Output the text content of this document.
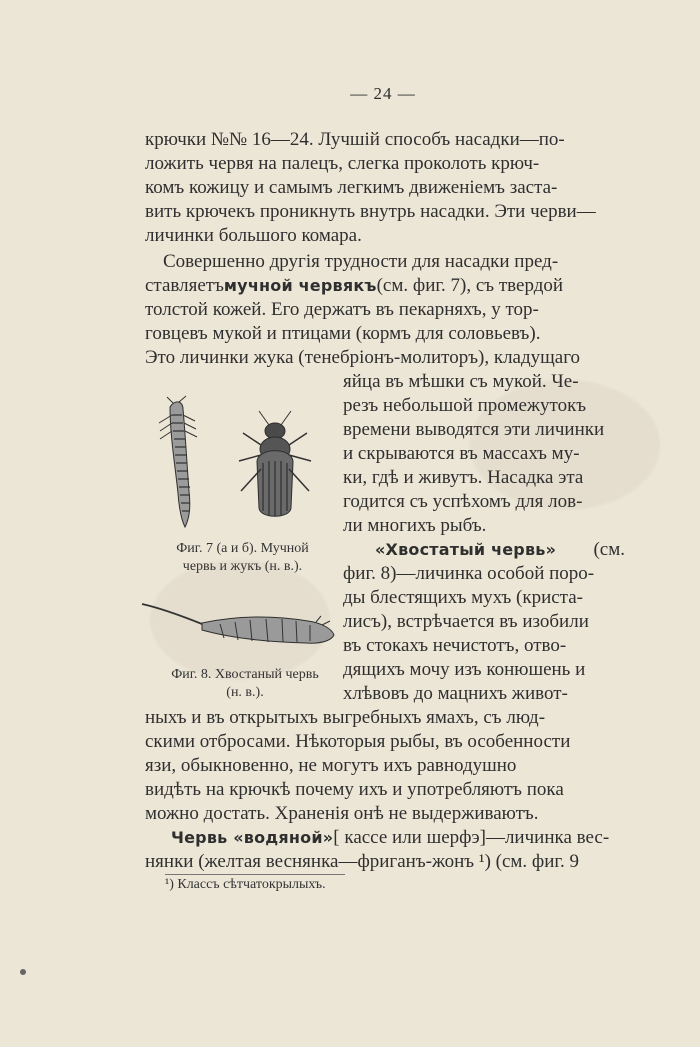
— 24 —
крючки №№ 16—24. Лучшій способъ насадки—по-
ложить червя на палецъ, слегка проколоть крюч-
комъ кожицу и самымъ легкимъ движеніемъ заста-
вить крючекъ проникнуть внутрь насадки. Эти черви—
личинки большого комара.
Совершенно другія трудности для насадки пред-
ставляетъ мучной червякъ (см. фиг. 7), съ твердой
толстой кожей. Его держатъ въ пекарняхъ, у тор-
говцевъ мукой и птицами (кормъ для соловьевъ).
Это личинки жука (тенебріонъ-молиторъ), кладущаго
яйца въ мѣшки съ мукой. Че-
резъ небольшой промежутокъ
времени выводятся эти личинки
и скрываются въ массахъ му-
ки, гдѣ и живутъ. Насадка эта
годится съ успѣхомъ для лов-
ли многихъ рыбъ.
«Хвостатый червь» (см.
фиг. 8)—личинка особой поро-
ды блестящихъ мухъ (криста-
лисъ), встрѣчается въ изобили
въ стокахъ нечистотъ, отво-
дящихъ мочу изъ конюшень и
хлѣвовъ до мацнихъ живот-
ныхъ и въ открытыхъ выгребныхъ ямахъ, съ люд-
скими отбросами. Нѣкоторыя рыбы, въ особенности
язи, обыкновенно, не могутъ ихъ равнодушно
видѣть на крючкѣ почему ихъ и употребляютъ пока
можно достать. Храненія онѣ не выдерживаютъ.
Червь «водяной» [ кассе или шерфэ]—личинка вес-
нянки (желтая веснянка—фриганъ-жонъ ¹) (см. фиг. 9
Фиг. 7 (а и б). Мучной
червь и жукъ (н. в.).
Фиг. 8. Хвостаный червь
(н. в.).
¹) Классъ сѣтчатокрылыхъ.
